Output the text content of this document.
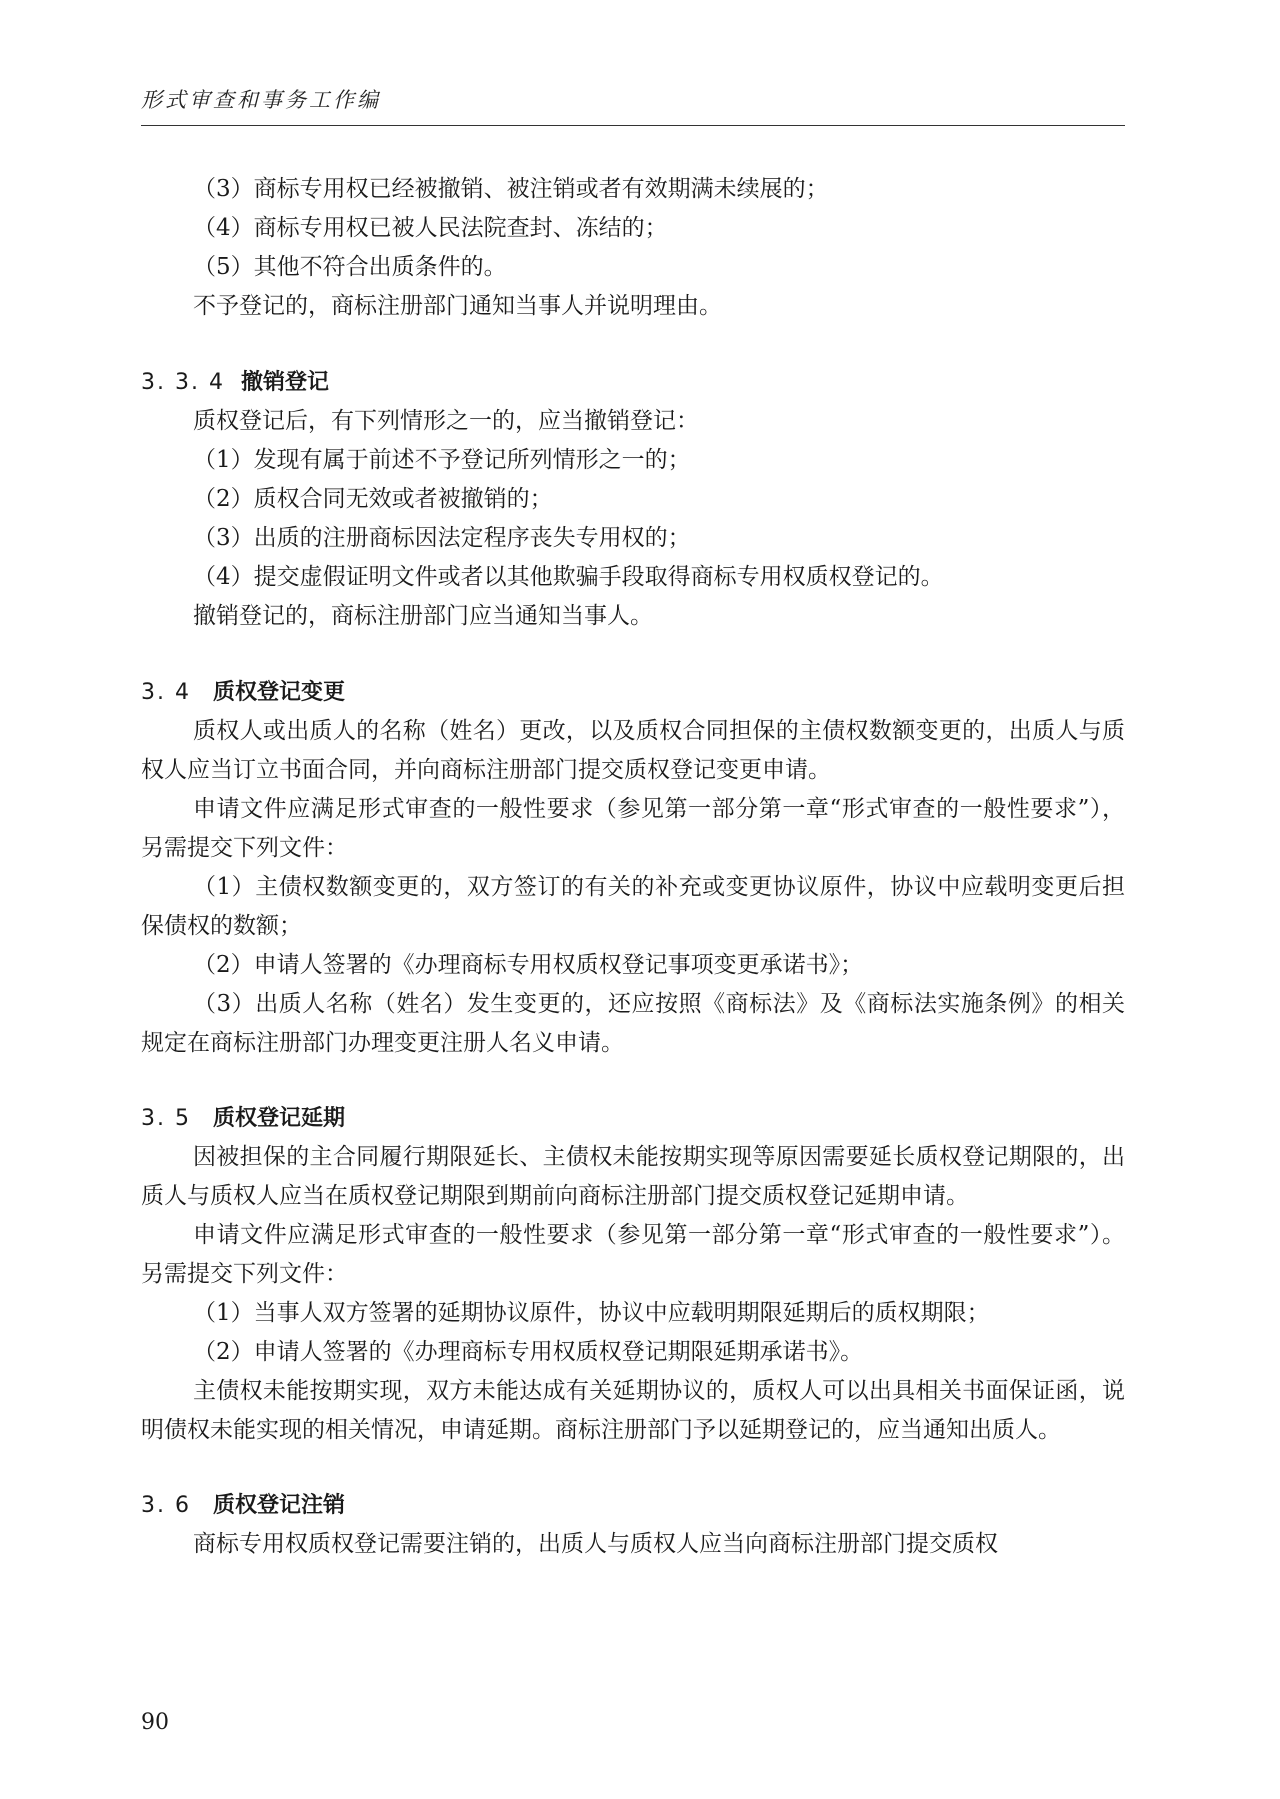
形式审查和事务工作编

（3）商标专用权已经被撤销、被注销或者有效期满未续展的；

（4）商标专用权已被人民法院查封、冻结的；

（5）其他不符合出质条件的。

不予登记的，商标注册部门通知当事人并说明理由。

3. 3. 4 撤销登记

质权登记后，有下列情形之一的，应当撤销登记：

（1）发现有属于前述不予登记所列情形之一的；

（2）质权合同无效或者被撤销的；

（3）出质的注册商标因法定程序丧失专用权的；

（4）提交虚假证明文件或者以其他欺骗手段取得商标专用权质权登记的。

撤销登记的，商标注册部门应当通知当事人。

3. 4 质权登记变更

质权人或出质人的名称（姓名）更改，以及质权合同担保的主债权数额变更的，出质人与质权人应当订立书面合同，并向商标注册部门提交质权登记变更申请。

申请文件应满足形式审查的一般性要求（参见第一部分第一章“形式审查的一般性要求”），另需提交下列文件：

（1）主债权数额变更的，双方签订的有关的补充或变更协议原件，协议中应载明变更后担保债权的数额；

（2）申请人签署的《办理商标专用权质权登记事项变更承诺书》；

（3）出质人名称（姓名）发生变更的，还应按照《商标法》及《商标法实施条例》的相关规定在商标注册部门办理变更注册人名义申请。

3. 5 质权登记延期

因被担保的主合同履行期限延长、主债权未能按期实现等原因需要延长质权登记期限的，出质人与质权人应当在质权登记期限到期前向商标注册部门提交质权登记延期申请。

申请文件应满足形式审查的一般性要求（参见第一部分第一章“形式审查的一般性要求”）。另需提交下列文件：

（1）当事人双方签署的延期协议原件，协议中应载明期限延期后的质权期限；

（2）申请人签署的《办理商标专用权质权登记期限延期承诺书》。

主债权未能按期实现，双方未能达成有关延期协议的，质权人可以出具相关书面保证函，说明债权未能实现的相关情况，申请延期。商标注册部门予以延期登记的，应当通知出质人。

3. 6 质权登记注销

商标专用权质权登记需要注销的，出质人与质权人应当向商标注册部门提交质权

90
